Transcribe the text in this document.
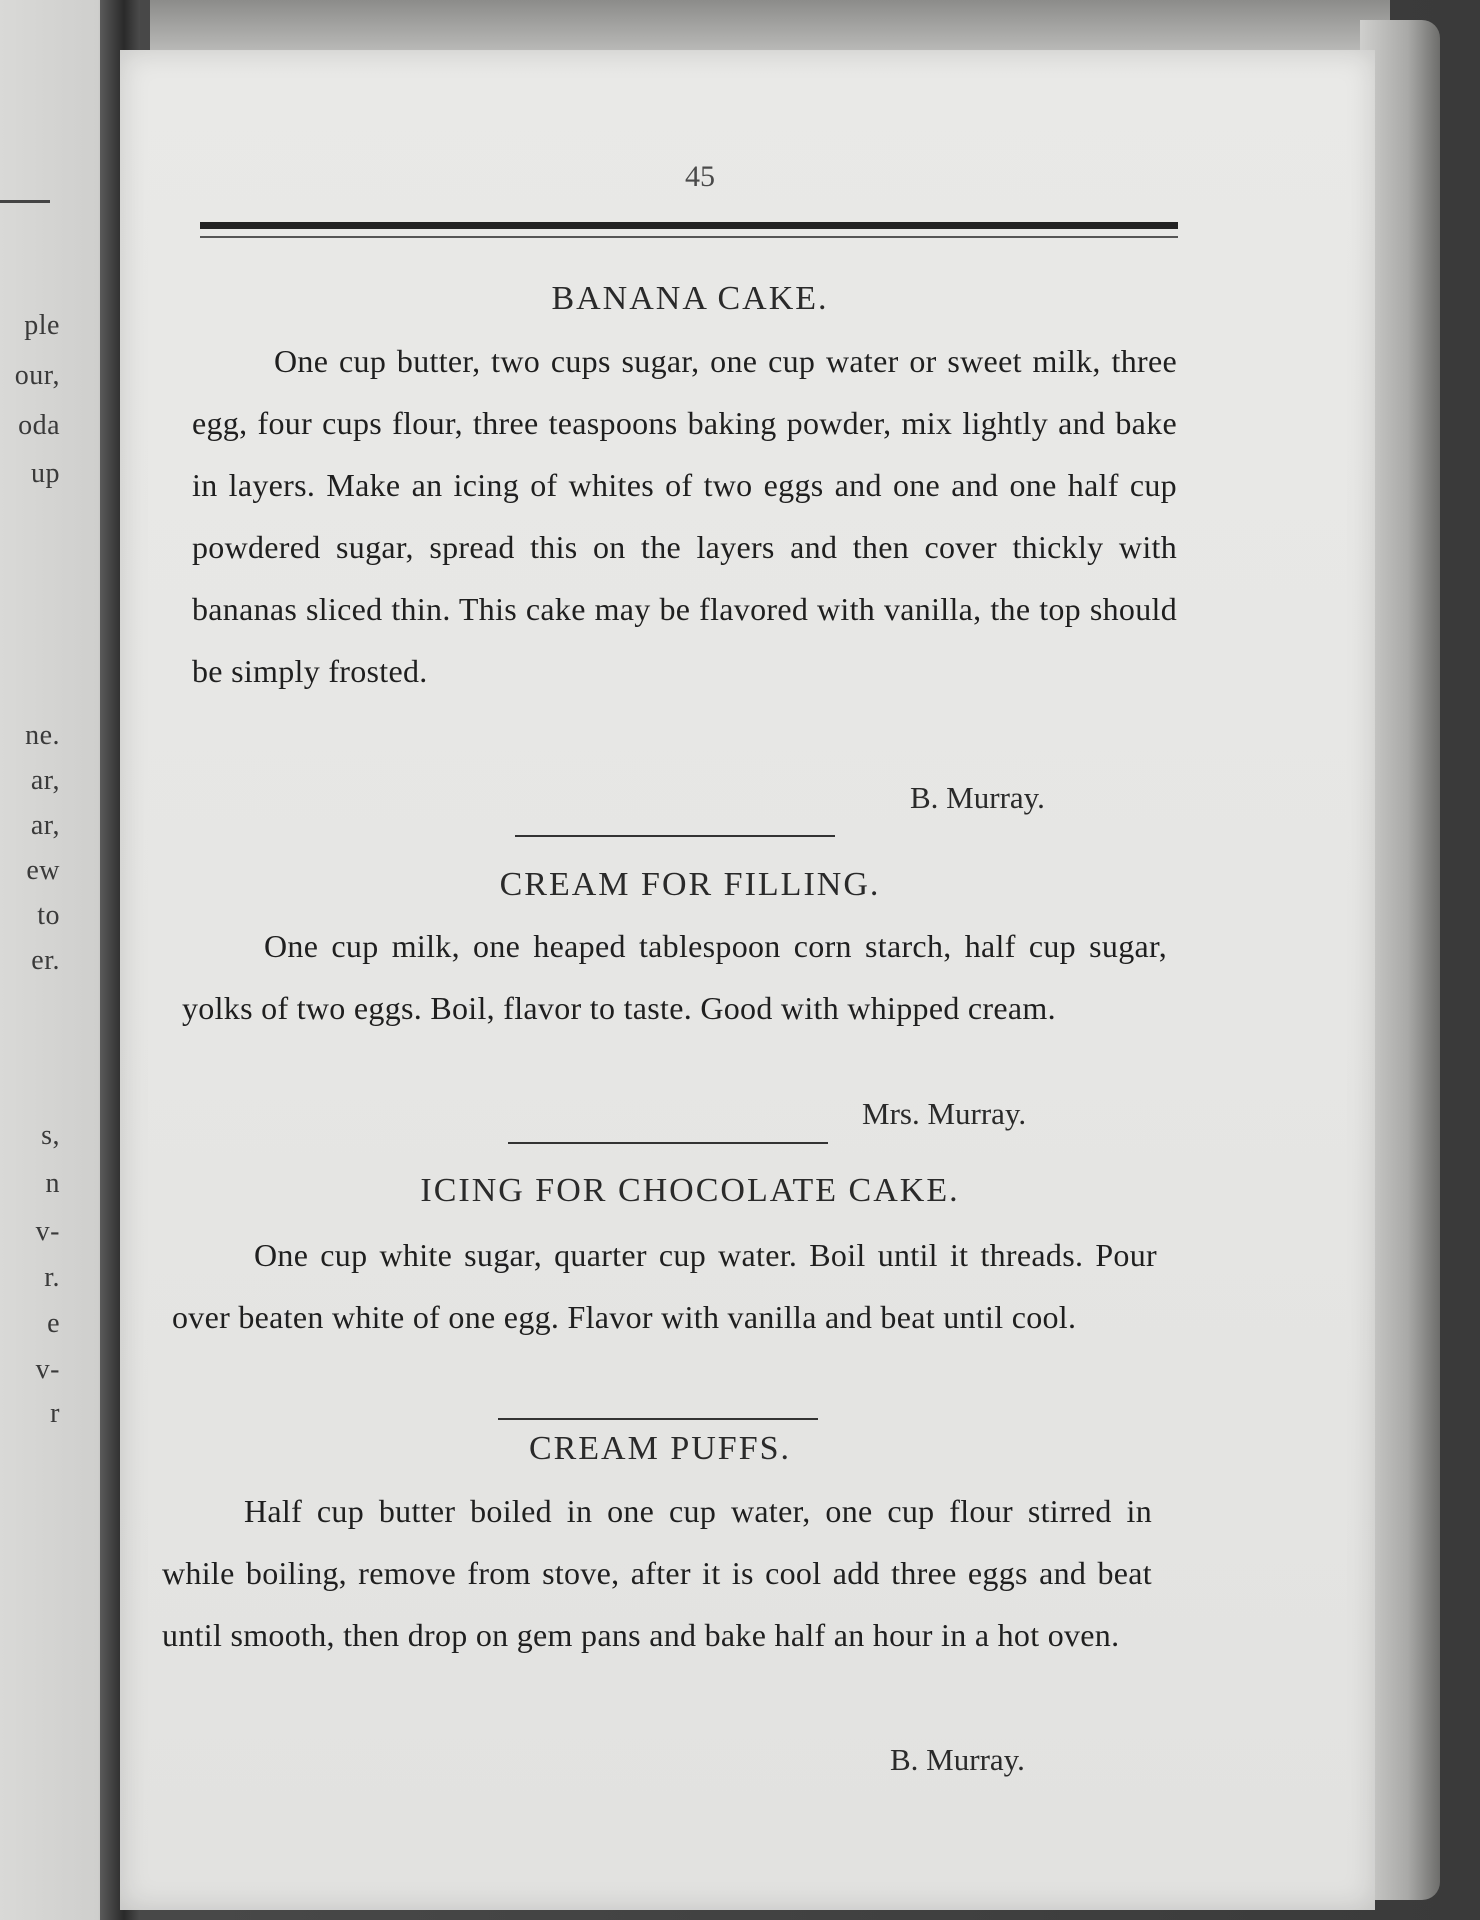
ple
our,
oda
up
ne.
ar,
ar,
ew
to
er.
s,
n
v-
r.
e
v-
r
45
BANANA CAKE.
One cup butter, two cups sugar, one cup water or sweet milk, three egg, four cups flour, three teaspoons baking powder, mix lightly and bake in layers. Make an icing of whites of two eggs and one and one half cup powdered sugar, spread this on the layers and then cover thickly with bananas sliced thin. This cake may be flavored with vanilla, the top should be simply frosted.
B. Murray.
CREAM FOR FILLING.
One cup milk, one heaped tablespoon corn starch, half cup sugar, yolks of two eggs. Boil, flavor to taste. Good with whipped cream.
Mrs. Murray.
ICING FOR CHOCOLATE CAKE.
One cup white sugar, quarter cup water. Boil until it threads. Pour over beaten white of one egg. Flavor with vanilla and beat until cool.
CREAM PUFFS.
Half cup butter boiled in one cup water, one cup flour stirred in while boiling, remove from stove, after it is cool add three eggs and beat until smooth, then drop on gem pans and bake half an hour in a hot oven.
B. Murray.
